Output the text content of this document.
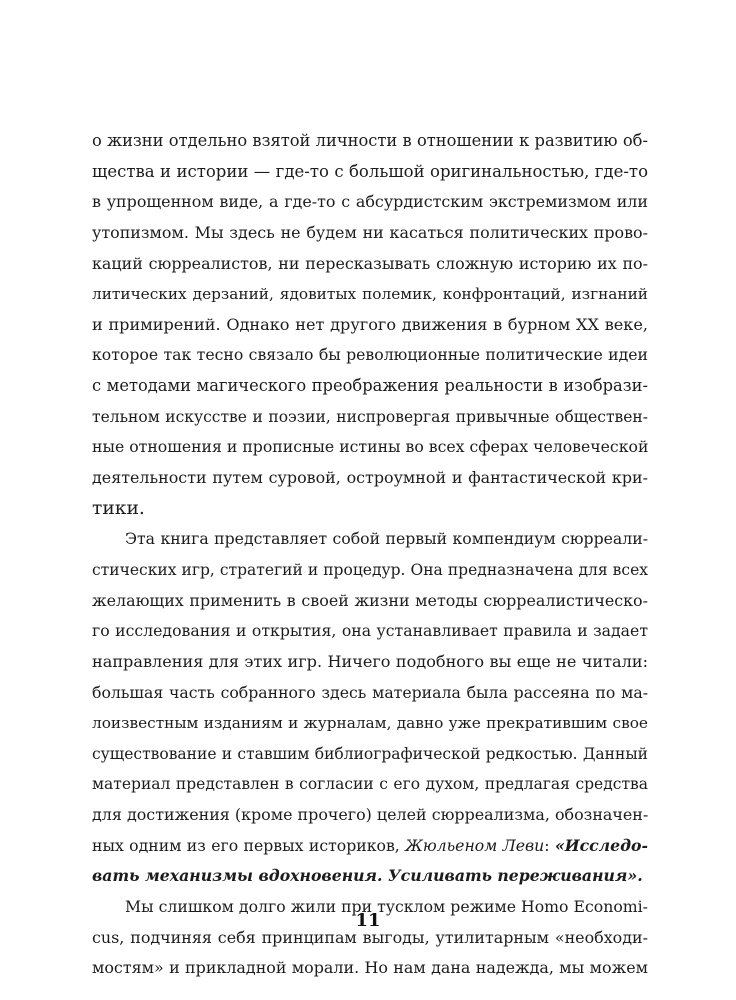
о жизни отдельно взятой личности в отношении к развитию об-
щества и истории — где-то с большой оригинальностью, где-то
в упрощенном виде, а где-то с абсурдистским экстремизмом или
утопизмом. Мы здесь не будем ни касаться политических прово-
каций сюрреалистов, ни пересказывать сложную историю их по-
литических дерзаний, ядовитых полемик, конфронтаций, изгнаний
и примирений. Однако нет другого движения в бурном XX веке,
которое так тесно связало бы революционные политические идеи
с методами магического преображения реальности в изобрази-
тельном искусстве и поэзии, ниспровергая привычные обществен-
ные отношения и прописные истины во всех сферах человеческой
деятельности путем суровой, остроумной и фантастической кри-
тики.
Эта книга представляет собой первый компендиум сюрреали-
стических игр, стратегий и процедур. Она предназначена для всех
желающих применить в своей жизни методы сюрреалистическо-
го исследования и открытия, она устанавливает правила и задает
направления для этих игр. Ничего подобного вы еще не читали:
большая часть собранного здесь материала была рассеяна по ма-
лоизвестным изданиям и журналам, давно уже прекратившим свое
существование и ставшим библиографической редкостью. Данный
материал представлен в согласии с его духом, предлагая средства
для достижения (кроме прочего) целей сюрреализма, обозначен-
ных одним из его первых историков, Жюльеном Леви: «Исследо-
вать механизмы вдохновения. Усиливать переживания».
Мы слишком долго жили при тусклом режиме Homo Economi-
cus, подчиняя себя принципам выгоды, утилитарным «необходи-
мостям» и прикладной морали. Но нам дана надежда, мы можем
11
